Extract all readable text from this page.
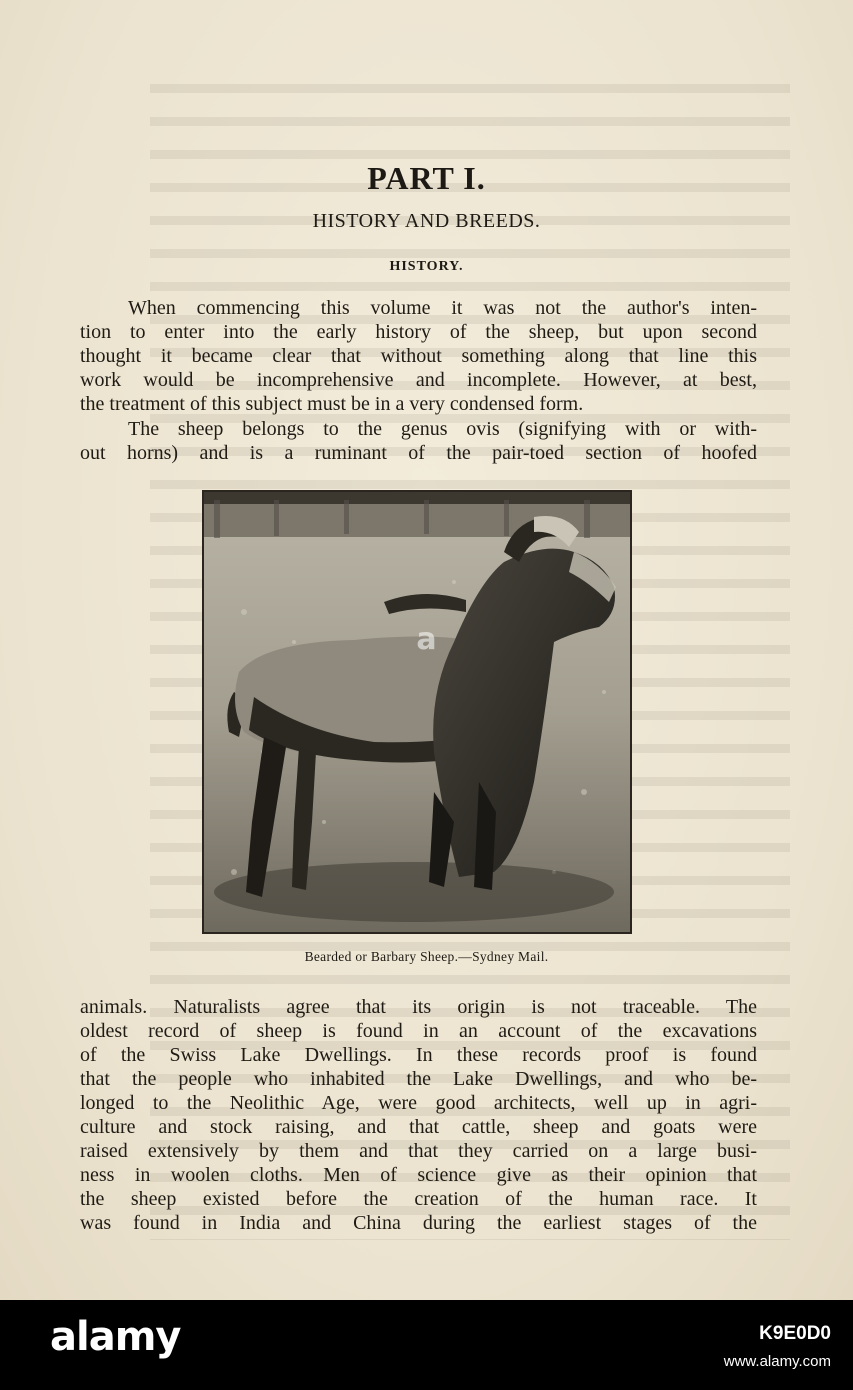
PART I.
HISTORY AND BREEDS.
HISTORY.
When commencing this volume it was not the author's inten-
tion to enter into the early history of the sheep, but upon second
thought it became clear that without something along that line this
work would be incomprehensive and incomplete. However, at best,
the treatment of this subject must be in a very condensed form.
The sheep belongs to the genus ovis (signifying with or with-
out horns) and is a ruminant of the pair-toed section of hoofed
Bearded or Barbary Sheep.—Sydney Mail.
animals. Naturalists agree that its origin is not traceable. The
oldest record of sheep is found in an account of the excavations
of the Swiss Lake Dwellings. In these records proof is found
that the people who inhabited the Lake Dwellings, and who be-
longed to the Neolithic Age, were good architects, well up in agri-
culture and stock raising, and that cattle, sheep and goats were
raised extensively by them and that they carried on a large busi-
ness in woolen cloths. Men of science give as their opinion that
the sheep existed before the creation of the human race. It
was found in India and China during the earliest stages of the
a
alamy	K9E0D0
www.alamy.com
